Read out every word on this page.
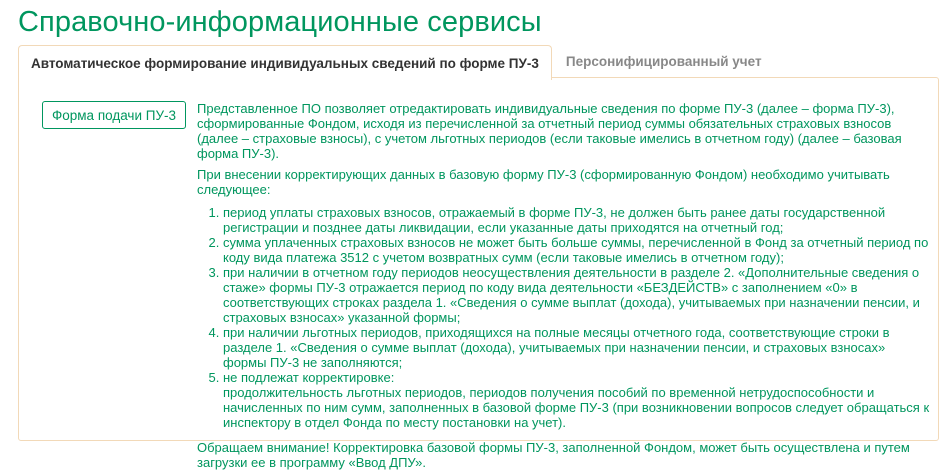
Справочно-информационные сервисы
Автоматическое формирование индивидуальных сведений по форме ПУ-3	Персонифицированный учет
Форма подачи ПУ-3	Представленное ПО позволяет отредактировать индивидуальные сведения по форме ПУ-3 (далее – форма ПУ-3), сформированные Фондом, исходя из перечисленной за отчетный период суммы обязательных страховых взносов (далее – страховые взносы), с учетом льготных периодов (если таковые имелись в отчетном году) (далее – базовая форма ПУ-3).

При внесении корректирующих данных в базовую форму ПУ-3 (сформированную Фондом) необходимо учитывать следующее:

1. период уплаты страховых взносов, отражаемый в форме ПУ-3, не должен быть ранее даты государственной регистрации и позднее даты ликвидации, если указанные даты приходятся на отчетный год;
2. сумма уплаченных страховых взносов не может быть больше суммы, перечисленной в Фонд за отчетный период по коду вида платежа 3512 с учетом возвратных сумм (если таковые имелись в отчетном году);
3. при наличии в отчетном году периодов неосуществления деятельности в разделе 2. «Дополнительные сведения о стаже» формы ПУ-3 отражается период по коду вида деятельности «БЕЗДЕЙСТВ» с заполнением «0» в соответствующих строках раздела 1. «Сведения о сумме выплат (дохода), учитываемых при назначении пенсии, и страховых взносах» указанной формы;
4. при наличии льготных периодов, приходящихся на полные месяцы отчетного года, соответствующие строки в разделе 1. «Сведения о сумме выплат (дохода), учитываемых при назначении пенсии, и страховых взносах» формы ПУ-3 не заполняются;
5. не подлежат корректировке:
продолжительность льготных периодов, периодов получения пособий по временной нетрудоспособности и начисленных по ним сумм, заполненных в базовой форме ПУ-3 (при возникновении вопросов следует обращаться к инспектору в отдел Фонда по месту постановки на учет).

Обращаем внимание! Корректировка базовой формы ПУ-3, заполненной Фондом, может быть осуществлена и путем загрузки ее в программу «Ввод ДПУ».
